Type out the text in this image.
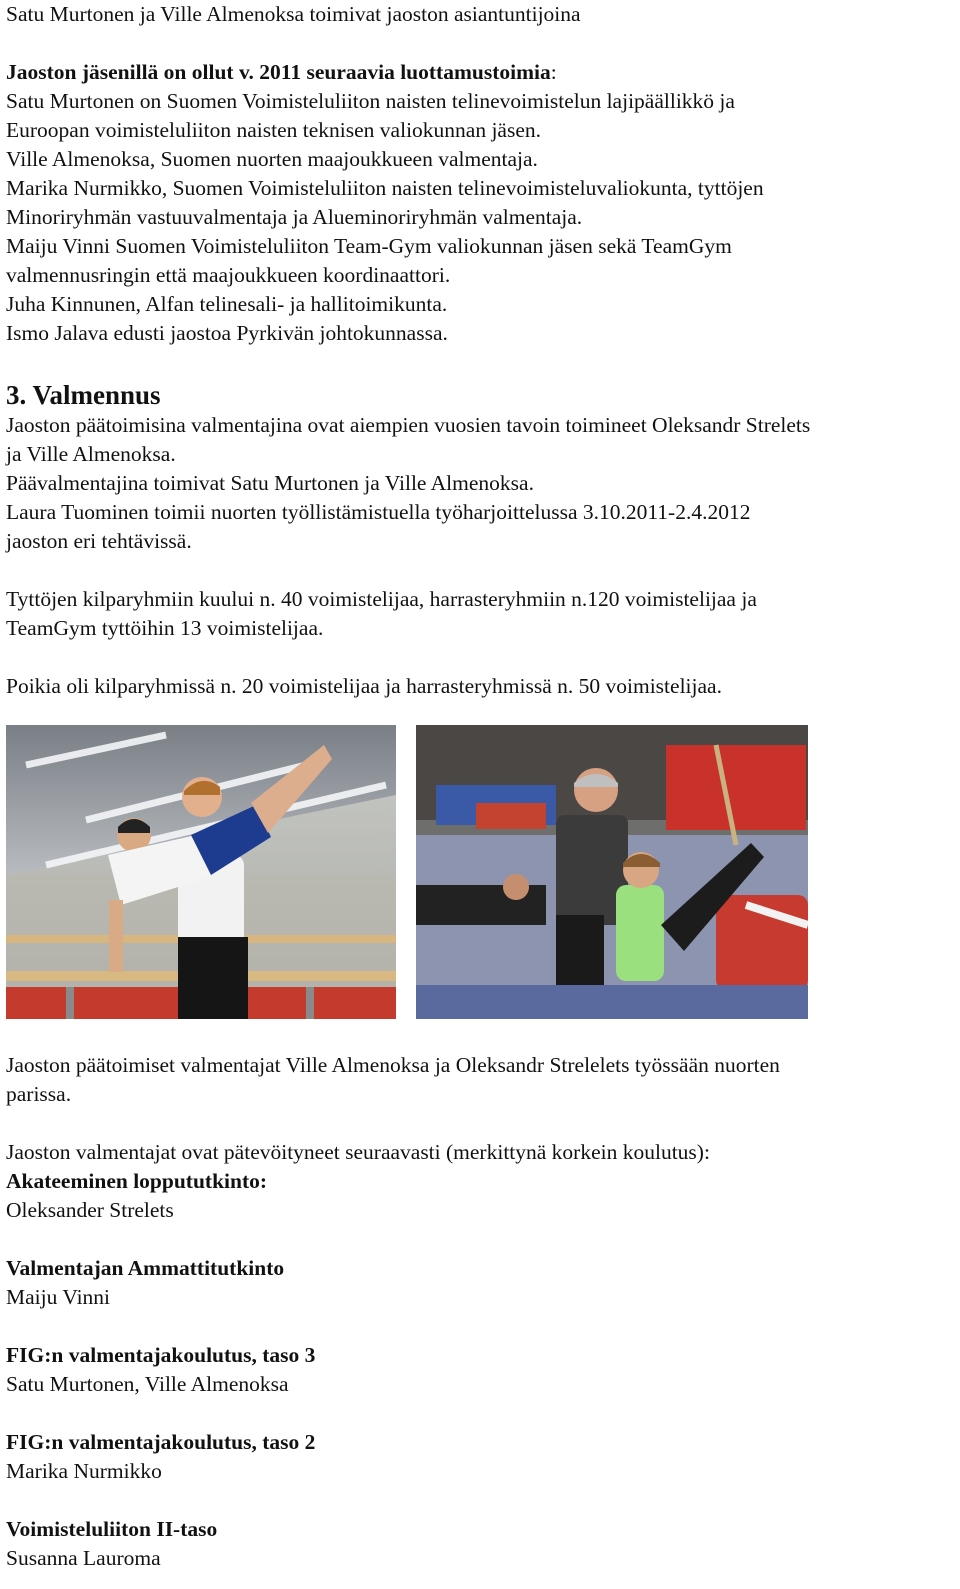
Satu Murtonen ja Ville Almenoksa toimivat jaoston asiantuntijoina
Jaoston jäsenillä on ollut v. 2011 seuraavia luottamustoimia:
Satu Murtonen on Suomen Voimisteluliiton naisten telinevoimistelun lajipäällikkö ja
Euroopan voimisteluliiton naisten teknisen valiokunnan jäsen.
Ville Almenoksa, Suomen nuorten maajoukkueen valmentaja.
Marika Nurmikko, Suomen Voimisteluliiton naisten telinevoimisteluvaliokunta, tyttöjen
Minoriryhmän vastuuvalmentaja ja Alueminoriryhmän valmentaja.
Maiju Vinni Suomen Voimisteluliiton Team-Gym valiokunnan jäsen sekä TeamGym
valmennusringin että maajoukkueen koordinaattori.
Juha Kinnunen, Alfan telinesali- ja hallitoimikunta.
Ismo Jalava edusti jaostoa Pyrkivän johtokunnassa.
3. Valmennus
Jaoston päätoimisina valmentajina ovat aiempien vuosien tavoin toimineet Oleksandr Strelets
ja Ville Almenoksa.
Päävalmentajina toimivat Satu Murtonen ja Ville Almenoksa.
Laura Tuominen toimii nuorten työllistämistuella työharjoittelussa 3.10.2011-2.4.2012
jaoston eri tehtävissä.
Tyttöjen kilparyhmiin kuului n. 40 voimistelijaa, harrasteryhmiin n.120 voimistelijaa ja
TeamGym tyttöihin 13 voimistelijaa.
Poikia oli kilparyhmissä n. 20 voimistelijaa ja harrasteryhmissä n. 50 voimistelijaa.
Jaoston päätoimiset valmentajat Ville Almenoksa ja Oleksandr Strelelets työssään nuorten
parissa.
Jaoston valmentajat ovat pätevöityneet seuraavasti (merkittynä korkein koulutus):
Akateeminen loppututkinto:
Oleksander Strelets
Valmentajan Ammattitutkinto
Maiju Vinni
FIG:n valmentajakoulutus, taso 3
Satu Murtonen, Ville Almenoksa
FIG:n valmentajakoulutus, taso 2
Marika Nurmikko
Voimisteluliiton II-taso
Susanna Lauroma
